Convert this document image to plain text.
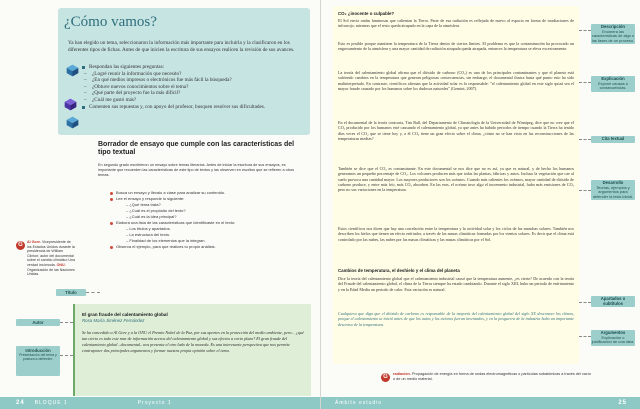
¿Cómo vamos?

Ya han elegido un tema, seleccionaron la información más importante para incluirla y la clasificaron en los diferentes tipos de fichas. Antes de que inicien la escritura de sus ensayos realicen la revisión de sus avances.

Respondan las siguientes preguntas:
– ¿Logré reunir la información que necesito?
– ¿En qué medios impresos o electrónicos fue más fácil la búsqueda?
– ¿Obtuve nuevos conocimientos sobre el tema?
– ¿Qué parte del proyecto fue la más difícil?
– ¿Cuál me gustó más?
Comenten sus repuestas y, con apoyo del profesor, busquen resolver sus dificultades.
Borrador de ensayo que cumple con las características del tipo textual
En segundo grado escribieron un ensayo sobre temas literarios. Antes de iniciar la escritura de sus ensayos, es importante que recuerden las características de este tipo de textos y las observen en escritos que se refieren a otros temas.
Busca un ensayo y llévalo a clase para analizar su contenido.
Lee el ensayo y responde lo siguiente:
– ¿Qué tema trata?
– ¿Cuál es el propósito del texto?
– ¿Cuál es la idea principal?
Elabora una lista de las características que identificaste en el texto:
– Los títulos y apartados.
– La estructura del texto.
– Finalidad de los elementos que la integran.
Observa el ejemplo, para que realices tu propio análisis.
G	Al Gore. Vicepresidente de los Estados Unidos durante la presidencia de William Clinton; autor del documental sobre el cambio climático Una verdad incómoda. ONU. Organización de las Naciones Unidas.
Título
Autor
Introducción
Presentación del tema y postura a defender.
El gran fraude del calentamiento global
Rosa María Jiménez Fernández
Se ha concedido a Al Gore y a la ONU el Premio Nobel de la Paz, por sus aportes en la protección del medio ambiente, pero... ¿qué tan cierto es todo este mar de información acerca del calentamiento global y sus efectos a corto plazo? El gran fraude del calentamiento global –documental– nos presenta el otro lado de la moneda. Es una interesante perspectiva que nos permite contraponer dos principales argumentos y formar nuestra propia opinión sobre el tema.
24 BLOQUE 1	Proyecto 1
CO₂ ¿inocente o culpable?
El Sol envía ondas luminosas que calientan la Tierra. Parte de esa radiación es reflejada de nuevo al espacio en forma de irradiaciones de infrarrojo, mientras que el resto queda atrapado en la capa de la atmósfera.
Esto es posible porque mantiene la temperatura de la Tierra dentro de ciertos límites. El problema es que la contaminación ha provocado un engrosamiento de la atmósfera y una mayor cantidad de radiación atrapada queda atrapada, entonces la temperatura se eleva excesivamente.
La teoría del calentamiento global afirma que el dióxido de carbono (CO₂) es uno de los principales contaminantes y que el planeta está sufriendo cambios en la temperatura que generan peligrosas consecuencias, sin embargo, el documental ilustra hasta qué punto esto ha sido malinterpretado. En contraste, científicos afirman que la actividad solar es la responsable: "el calentamiento global en este siglo quizá sea el mayor fraude causado por los humanos sobre los dudosos naturales" (Gemini, 2007).
En el documental de la teoría contraria, Tim Ball, del Departamento de Climatología de la Universidad de Winnipeg, dice que no cree que el CO₂ producido por los humanos esté causando el calentamiento global, ya que antes ha habido periodos de tiempo cuando la Tierra ha tenido días veces el CO₂ que se tiene hoy y, a él CO₂ tiene un gran efecto sobre el clima, ¿cómo no se han visto en las reconstrucciones de las temperaturas medias?
También se dice que el CO₂ es contaminante. En este documental se nos dice que no es así, ya que es natural, y de hecho los humanos generamos un pequeño porcentaje de CO₂. Los volcanes producen más que todas las plantas, fábricas y autos. Incluso la vegetación que cae al suelo provoca una cantidad mayor. Los mayores productores son los océanos. Cuando más calientes los océanos, mayor cantidad de dióxido de carbono produce, y entre más frío, más CO₂ absorben. En las eras, el océano tuvo algo el incremento industrial, hubo más emisiones de CO₂ pero no sus variaciones en la temperatura.
Estos científicos nos dicen que hay una correlación entre la temperatura y la actividad solar y los ciclos de las manchas solares. También nos describen los hielos que tienen un efecto enfriador, a través de las masas climáticas formadas por los vientos solares. Es decir que el clima está controlado por las nubes, las nubes por las masas climáticas y las masas climáticas por el Sol.
Cambios de temperatura, el deshielo y el clima del planeta
Dice la teoría del calentamiento global que el calentamiento industrial causó que la temperatura aumente, ¿es cierto? De acuerdo con la teoría del Fraude del calentamiento global, el clima de la Tierra siempre ha estado cambiando. Durante el siglo XIII, hubo un periodo de enfriamiento y en la Edad Media un periodo de calor. Esta variación es natural.
Cualquiera que diga que el dióxido de carbono es responsable de la mayoría del calentamiento global del siglo XX desconoce los climas, porque el calentamiento se inició antes de que los autos y los aviones fueran inventados, y en la posguerra de la industria hubo un importante descenso de la temperatura.
G	radiación. Propagación de energía en forma de ondas electromagnéticas o partículas subatómicas a través del vacío o de un medio material.
Descripción
Enumera las características de algo o las fases de un proceso.
Explicación
Expone causas o consecuencias.
Cita textual
Desarrollo
Teorías, ejemplos y argumentos para defender la tesis inicial.
Apartados o subtítulos
Argumentos
Explicación o justificación de una idea.
Ámbito estudio	25
